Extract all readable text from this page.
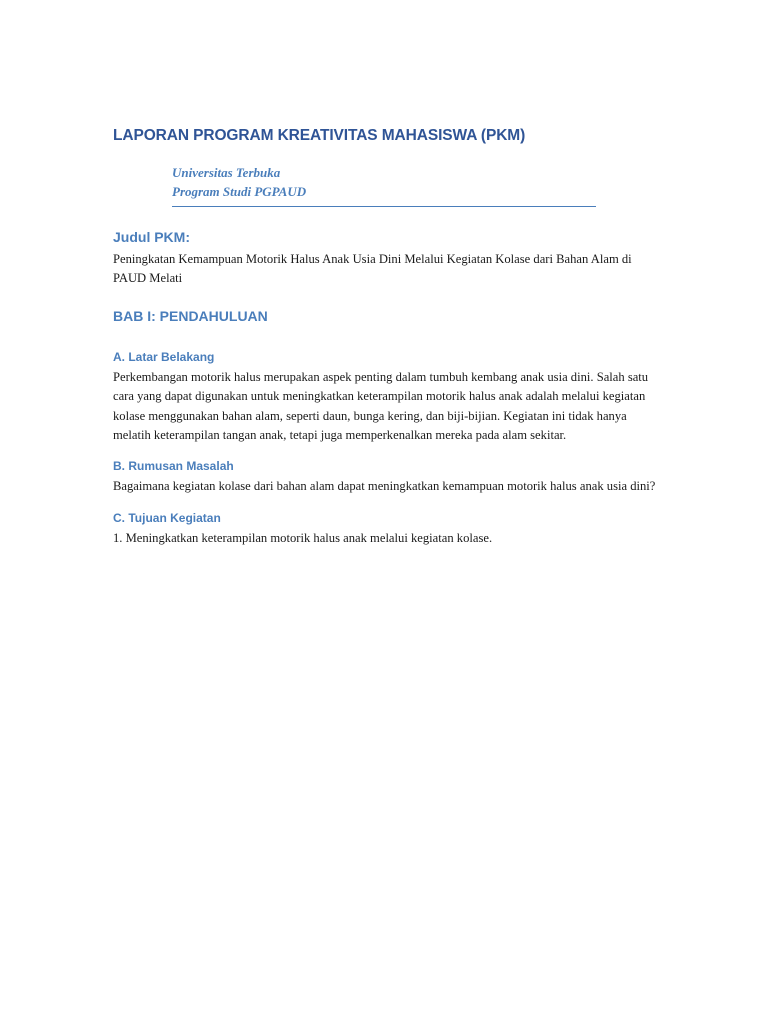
LAPORAN PROGRAM KREATIVITAS MAHASISWA (PKM)

Universitas Terbuka

Program Studi PGPAUD

Judul PKM:

Peningkatan Kemampuan Motorik Halus Anak Usia Dini Melalui Kegiatan Kolase dari Bahan Alam di PAUD Melati

BAB I: PENDAHULUAN
A. Latar Belakang

Perkembangan motorik halus merupakan aspek penting dalam tumbuh kembang anak usia dini. Salah satu cara yang dapat digunakan untuk meningkatkan keterampilan motorik halus anak adalah melalui kegiatan kolase menggunakan bahan alam, seperti daun, bunga kering, dan biji-bijian. Kegiatan ini tidak hanya melatih keterampilan tangan anak, tetapi juga memperkenalkan mereka pada alam sekitar.

B. Rumusan Masalah

Bagaimana kegiatan kolase dari bahan alam dapat meningkatkan kemampuan motorik halus anak usia dini?

C. Tujuan Kegiatan

1. Meningkatkan keterampilan motorik halus anak melalui kegiatan kolase.
